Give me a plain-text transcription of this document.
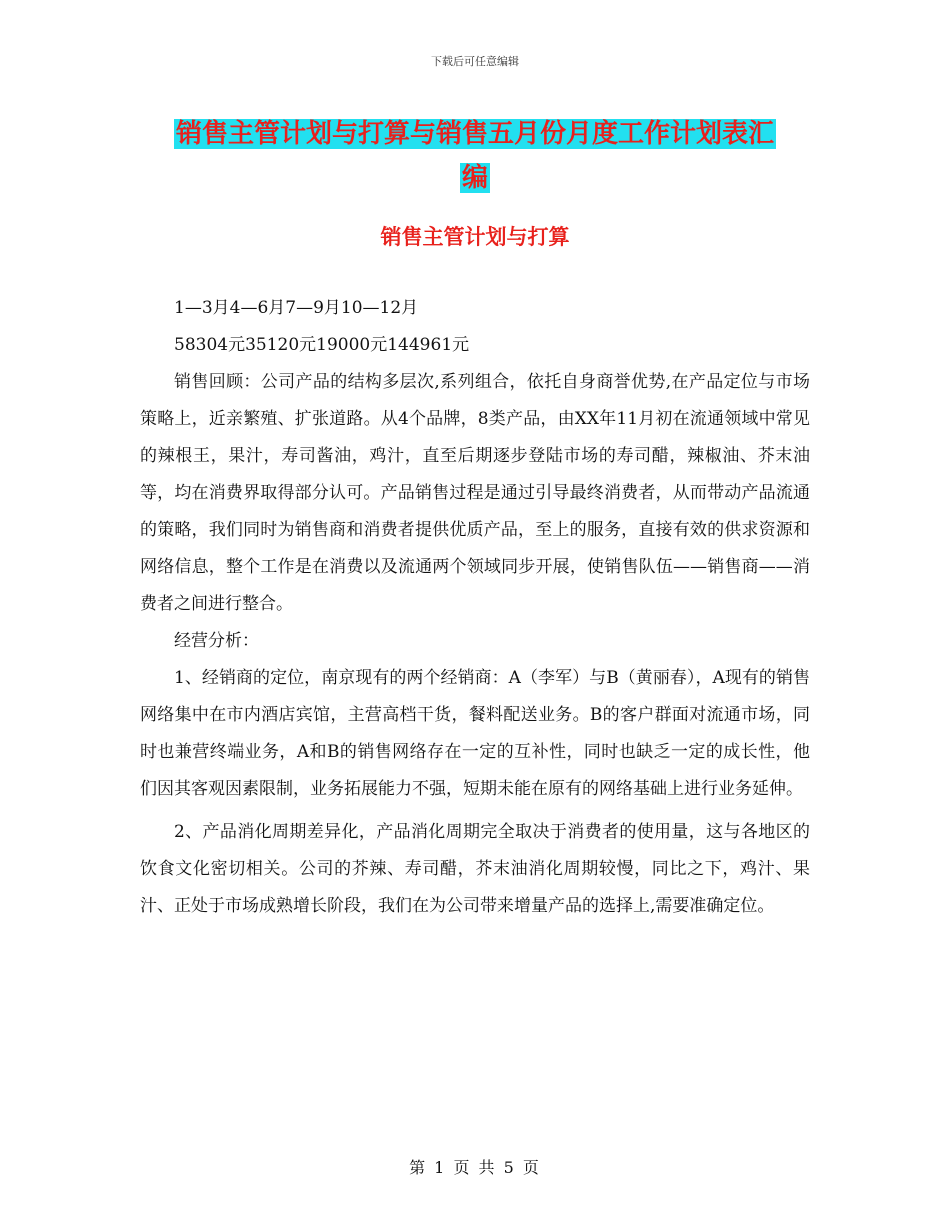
下载后可任意编辑
销售主管计划与打算与销售五月份月度工作计划表汇
编
销售主管计划与打算

1—3月4—6月7—9月10—12月

58304元35120元19000元144961元

销售回顾：公司产品的结构多层次,系列组合，依托自身商誉优势,在产品定位与市场策略上，近亲繁殖、扩张道路。从4个品牌，8类产品，由XX年11月初在流通领域中常见的辣根王，果汁，寿司酱油，鸡汁，直至后期逐步登陆市场的寿司醋，辣椒油、芥末油等，均在消费界取得部分认可。产品销售过程是通过引导最终消费者，从而带动产品流通的策略，我们同时为销售商和消费者提供优质产品，至上的服务，直接有效的供求资源和网络信息，整个工作是在消费以及流通两个领域同步开展，使销售队伍——销售商——消费者之间进行整合。

经营分析：

1、经销商的定位，南京现有的两个经销商：A（李军）与B（黄丽春），A现有的销售网络集中在市内酒店宾馆，主营高档干货，餐料配送业务。B的客户群面对流通市场，同时也兼营终端业务，A和B的销售网络存在一定的互补性，同时也缺乏一定的成长性，他们因其客观因素限制，业务拓展能力不强，短期未能在原有的网络基础上进行业务延伸。

2、产品消化周期差异化，产品消化周期完全取决于消费者的使用量，这与各地区的饮食文化密切相关。公司的芥辣、寿司醋，芥末油消化周期较慢，同比之下，鸡汁、果汁、正处于市场成熟增长阶段，我们在为公司带来增量产品的选择上,需要准确定位。

第 1 页 共 5 页
